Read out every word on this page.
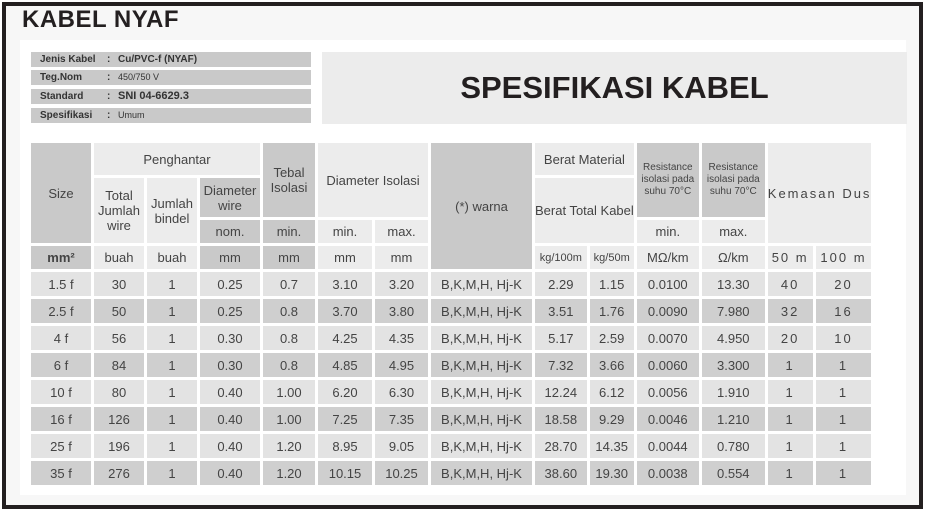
KABEL NYAF
Jenis Kabel : Cu/PVC-f (NYAF)
Teg.Nom : 450/750 V
Standard : SNI 04-6629.3
Spesifikasi : Umum
SPESIFIKASI KABEL
Size	Penghantar			Tebal Isolasi	Diameter Isolasi		(*) warna	Berat Material		Resistance isolasi pada suhu 70°C	Resistance isolasi pada suhu 70°C	Kemasan Dus	
	Total Jumlah wire	Jumlah bindel	Diameter wire					Berat Total Kabel					
			nom.	min.	min.	max.				min.	max.		
mm²	buah	buah	mm	mm	mm	mm		kg/100m	kg/50m	MΩ/km	Ω/km	50 m	100 m
1.5 f	30	1	0.25	0.7	3.10	3.20	B,K,M,H, Hj-K	2.29	1.15	0.0100	13.30	40	20
2.5 f	50	1	0.25	0.8	3.70	3.80	B,K,M,H, Hj-K	3.51	1.76	0.0090	7.980	32	16
4 f	56	1	0.30	0.8	4.25	4.35	B,K,M,H, Hj-K	5.17	2.59	0.0070	4.950	20	10
6 f	84	1	0.30	0.8	4.85	4.95	B,K,M,H, Hj-K	7.32	3.66	0.0060	3.300	1	1
10 f	80	1	0.40	1.00	6.20	6.30	B,K,M,H, Hj-K	12.24	6.12	0.0056	1.910	1	1
16 f	126	1	0.40	1.00	7.25	7.35	B,K,M,H, Hj-K	18.58	9.29	0.0046	1.210	1	1
25 f	196	1	0.40	1.20	8.95	9.05	B,K,M,H, Hj-K	28.70	14.35	0.0044	0.780	1	1
35 f	276	1	0.40	1.20	10.15	10.25	B,K,M,H, Hj-K	38.60	19.30	0.0038	0.554	1	1
